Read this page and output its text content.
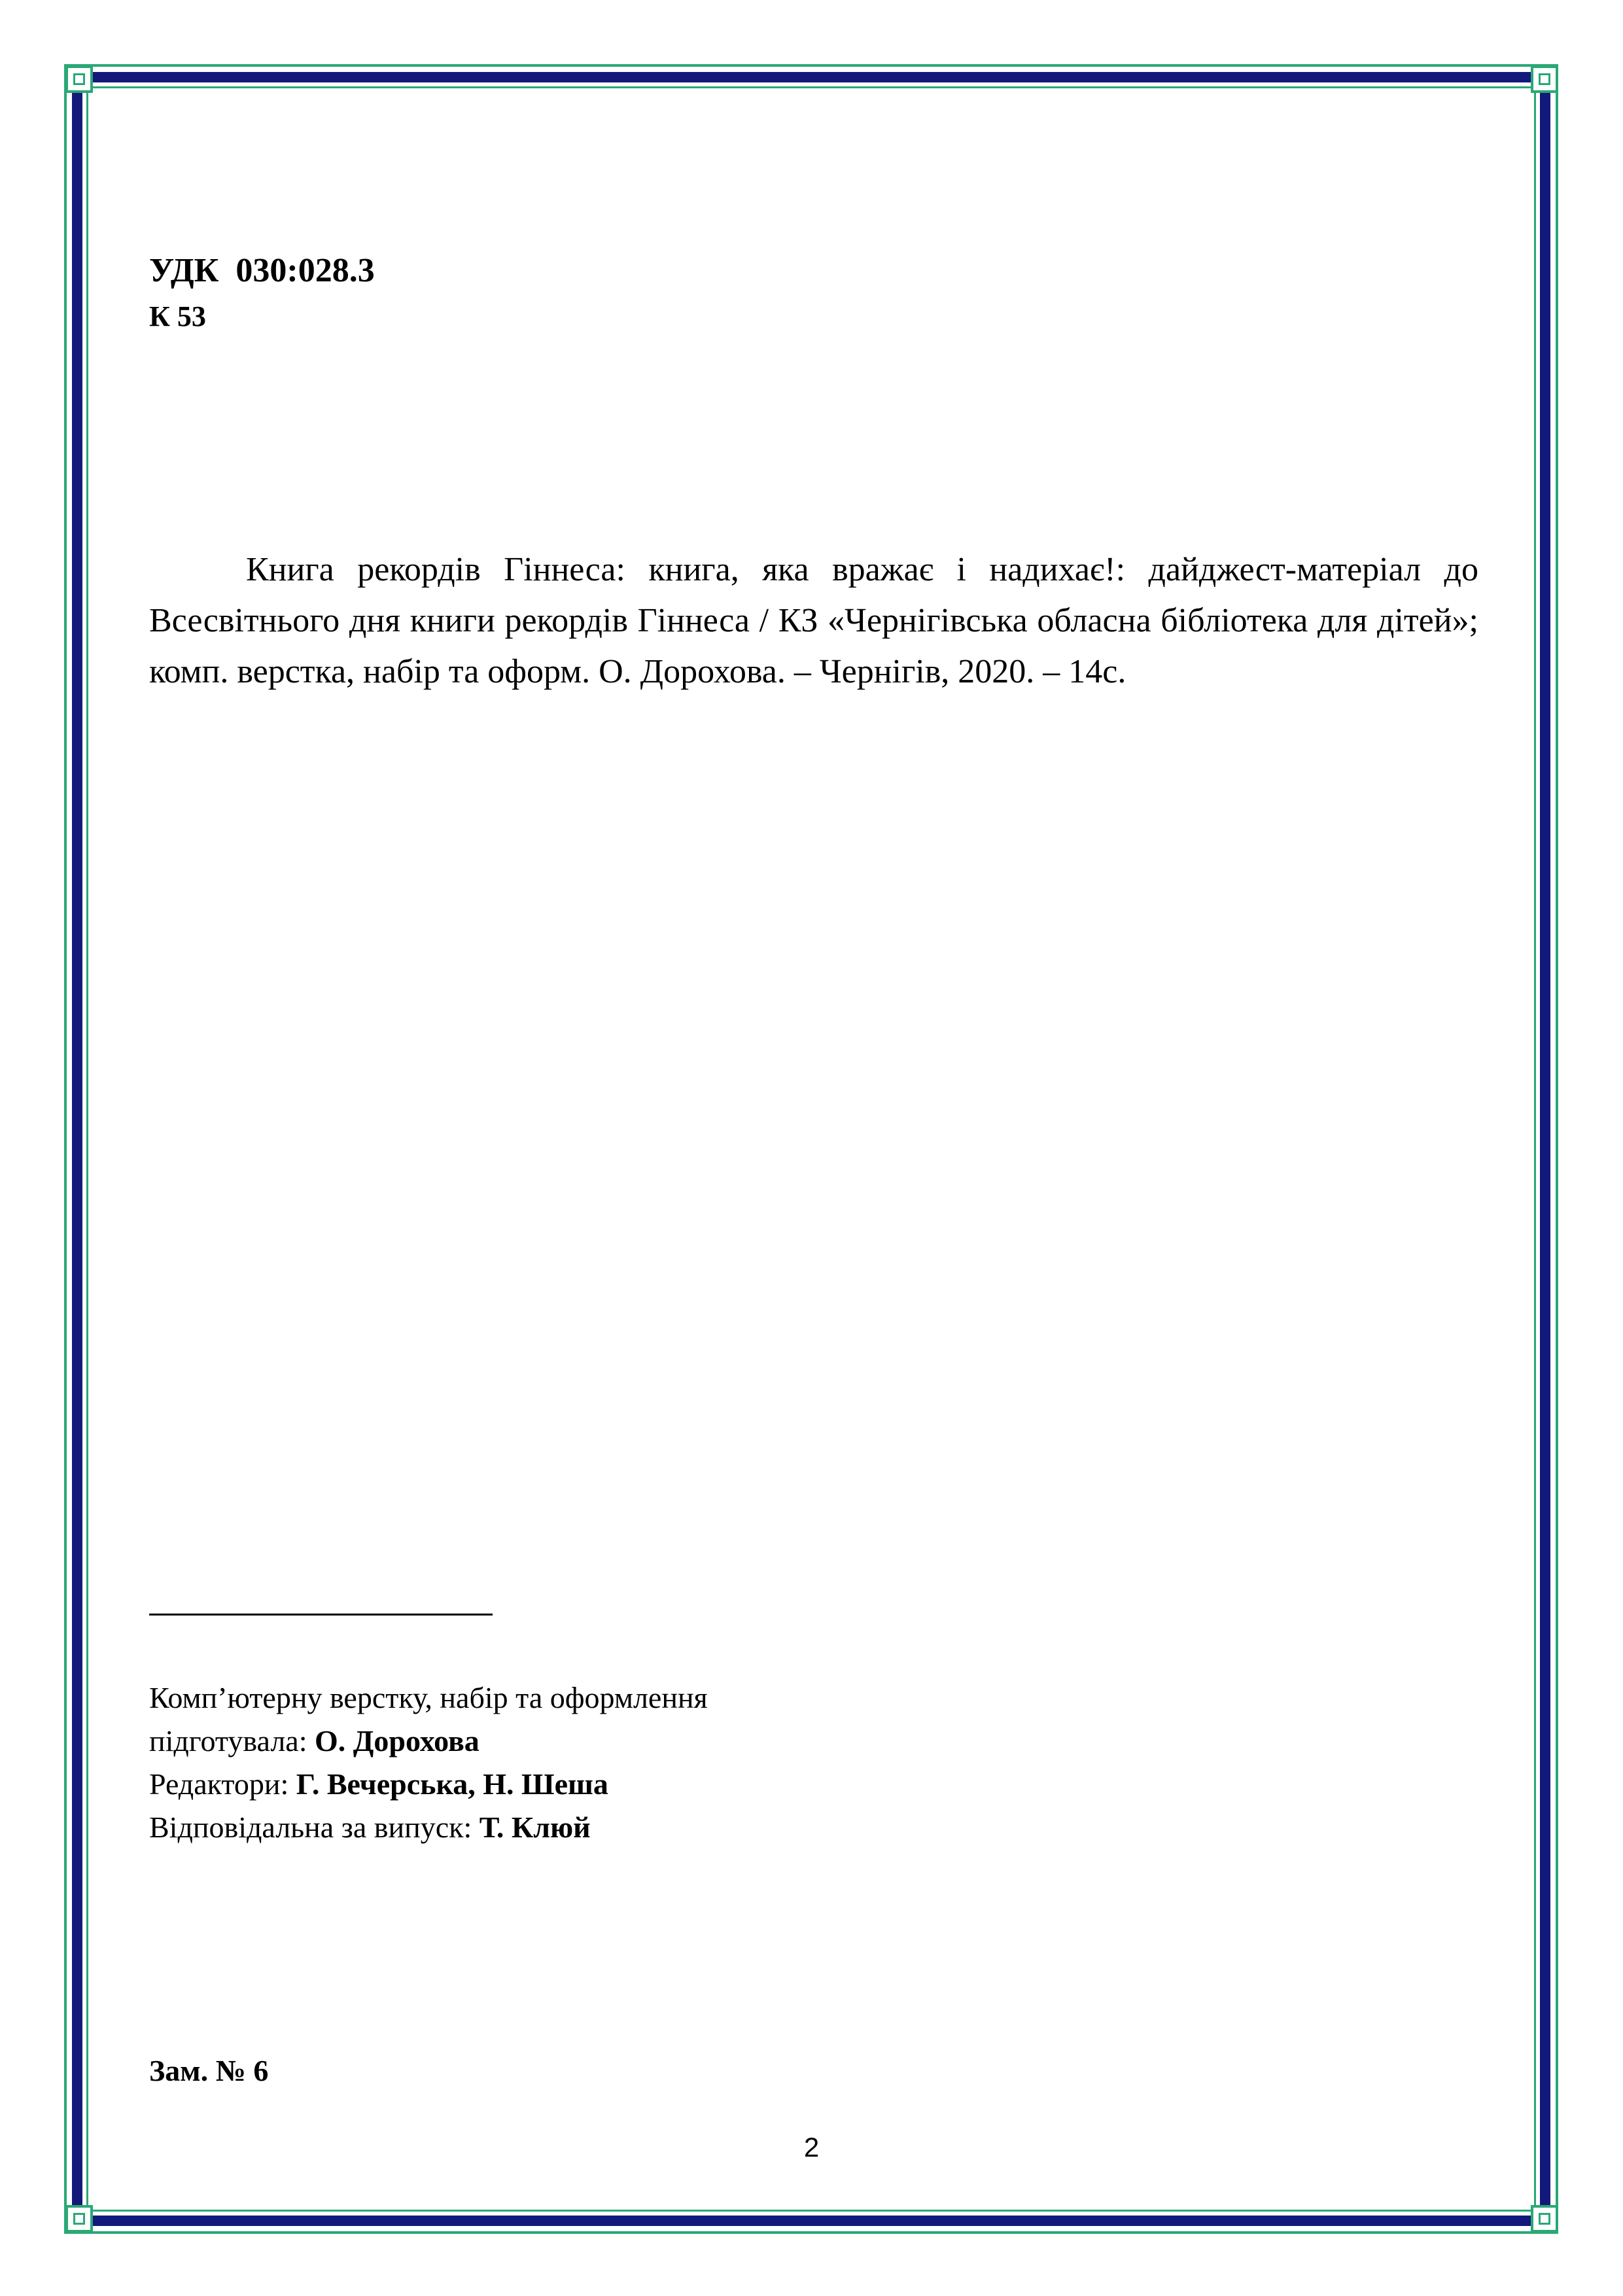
УДК  030:028.3
К 53

Книга рекордів Гіннеса: книга, яка вражає і надихає!: дайджест-матеріал до Всесвітнього дня книги рекордів Гіннеса / КЗ «Чернігівська обласна бібліотека для дітей»; комп. верстка, набір та оформ. О. Дорохова. – Чернігів, 2020. – 14с.

Комп’ютерну верстку, набір та оформлення
підготувала: О. Дорохова
Редактори: Г. Вечерська, Н. Шеша
Відповідальна за випуск: Т. Клюй
Зам. № 6
2
